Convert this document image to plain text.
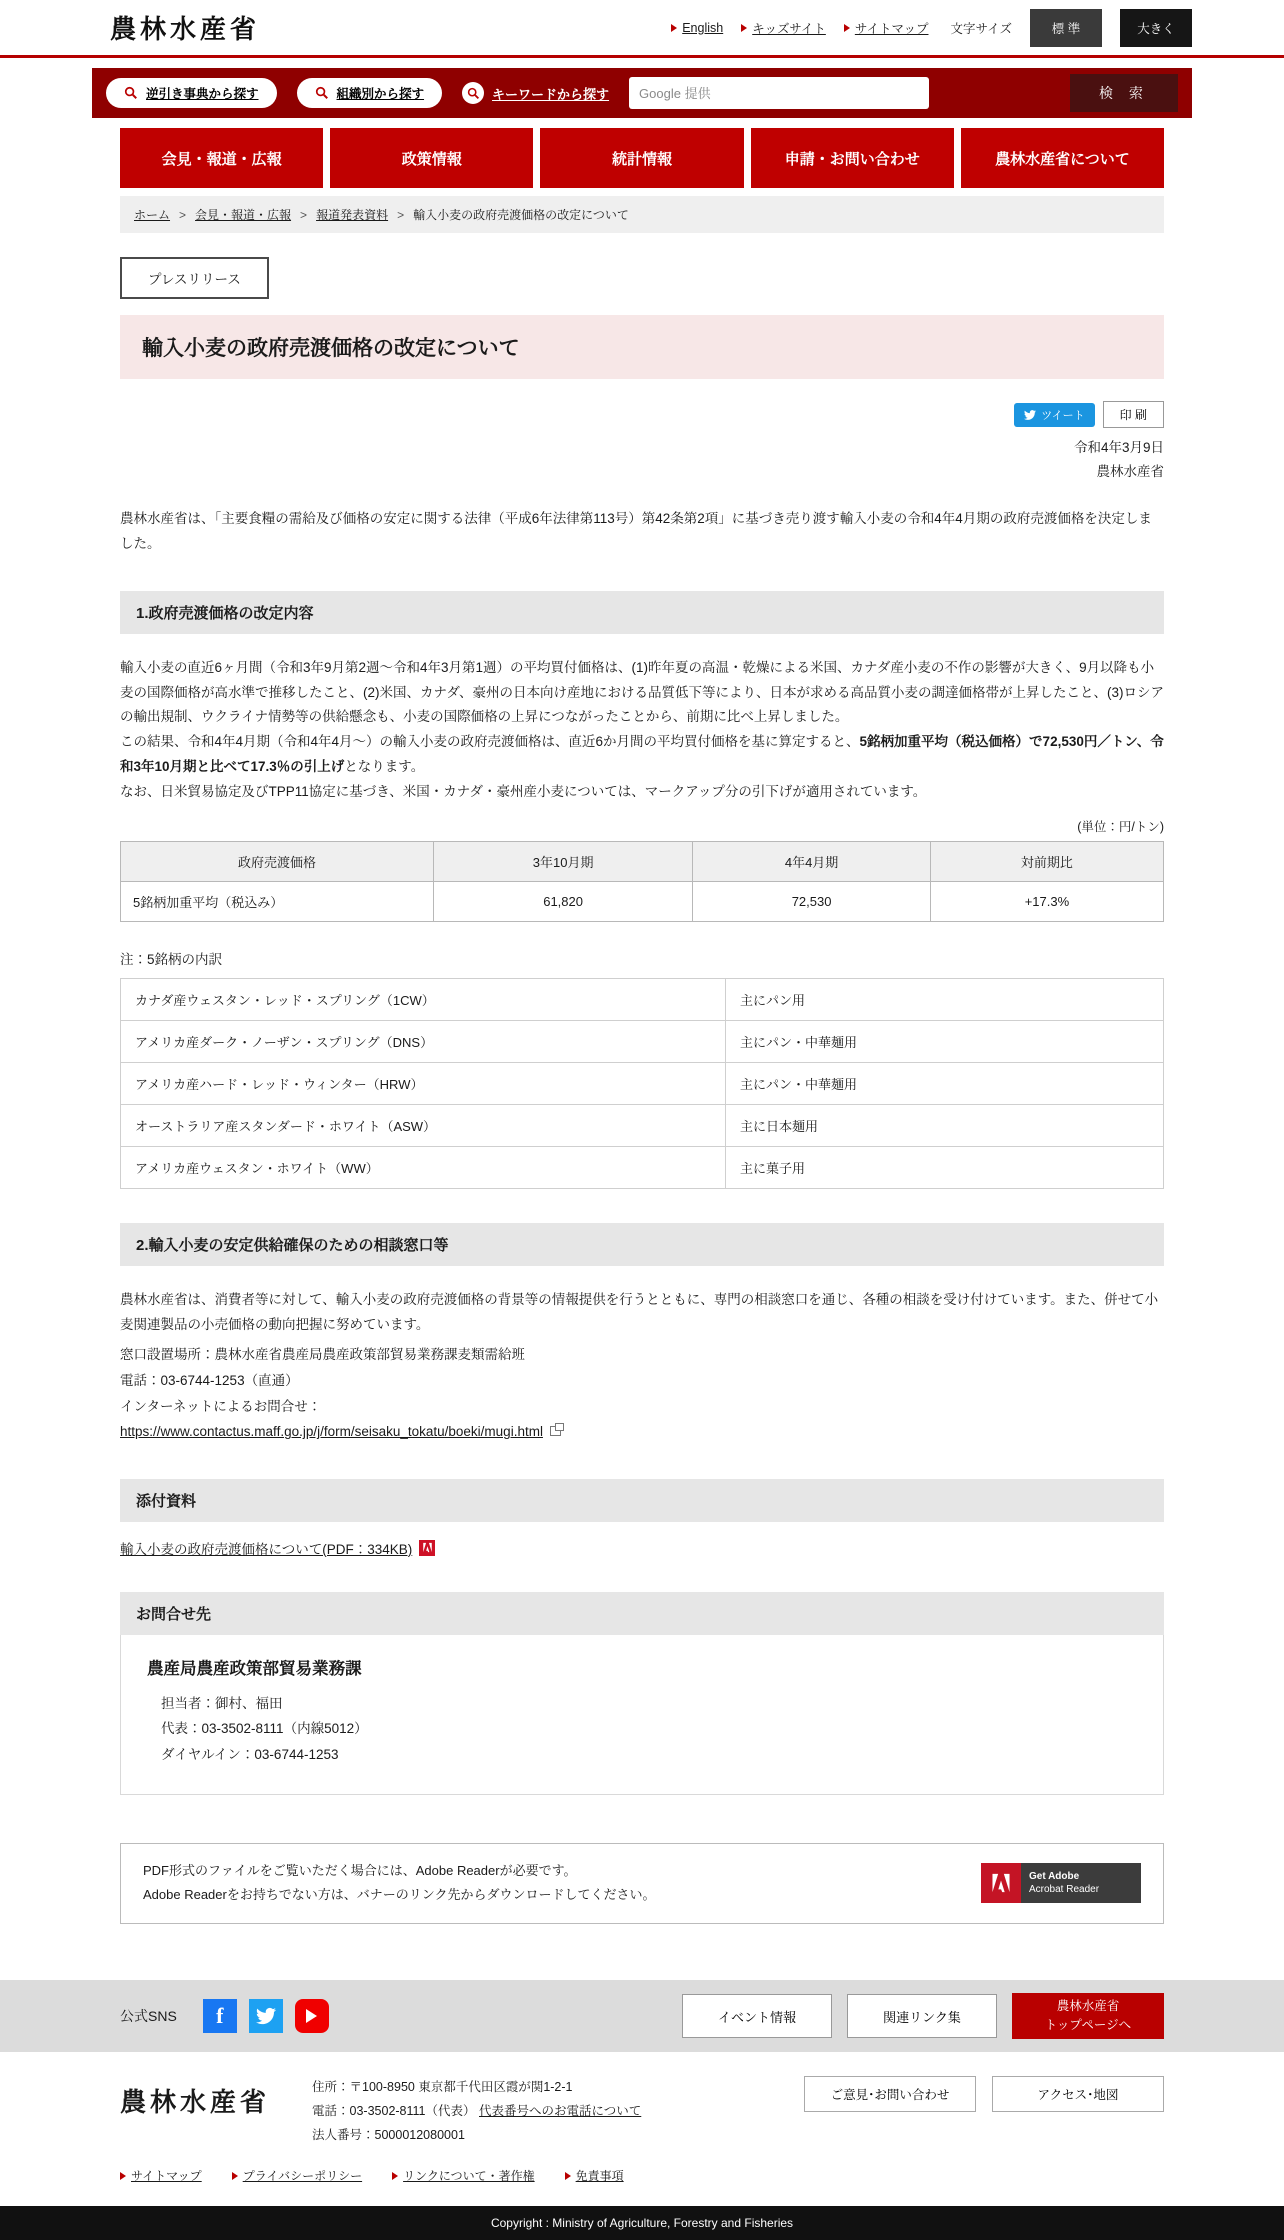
農林水産省	English キッズサイト サイトマップ 文字サイズ	標 準	大きく
逆引き事典から探す	組織別から探す	キーワードから探す
Google 提供	検 索
会見・報道・広報	政策情報	統計情報	申請・お問い合わせ	農林水産省について
ホーム > 会見・報道・広報 > 報道発表資料 > 輸入小麦の政府売渡価格の改定について
プレスリリース
輸入小麦の政府売渡価格の改定について
ツイート	印 刷
令和4年3月9日
農林水産省

農林水産省は、「主要食糧の需給及び価格の安定に関する法律（平成6年法律第113号）第42条第2項」に基づき売り渡す輸入小麦の令和4年4月期の政府売渡価格を決定しました。

1.政府売渡価格の改定内容

輸入小麦の直近6ヶ月間（令和3年9月第2週～令和4年3月第1週）の平均買付価格は、(1)昨年夏の高温・乾燥による米国、カナダ産小麦の不作の影響が大きく、9月以降も小麦の国際価格が高水準で推移したこと、(2)米国、カナダ、豪州の日本向け産地における品質低下等により、日本が求める高品質小麦の調達価格帯が上昇したこと、(3)ロシアの輸出規制、ウクライナ情勢等の供給懸念も、小麦の国際価格の上昇につながったことから、前期に比べ上昇しました。
この結果、令和4年4月期（令和4年4月～）の輸入小麦の政府売渡価格は、直近6か月間の平均買付価格を基に算定すると、5銘柄加重平均（税込価格）で72,530円／トン、令和3年10月期と比べて17.3％の引上げとなります。
なお、日米貿易協定及びTPP11協定に基づき、米国・カナダ・豪州産小麦については、マークアップ分の引下げが適用されています。

(単位：円/トン)
政府売渡価格	3年10月期	4年4月期	対前期比
5銘柄加重平均（税込み）	61,820	72,530	+17.3%

注：5銘柄の内訳

カナダ産ウェスタン・レッド・スプリング（1CW）	主にパン用
アメリカ産ダーク・ノーザン・スプリング（DNS）	主にパン・中華麺用
アメリカ産ハード・レッド・ウィンター（HRW）	主にパン・中華麺用
オーストラリア産スタンダード・ホワイト（ASW）	主に日本麺用
アメリカ産ウェスタン・ホワイト（WW）	主に菓子用
2.輸入小麦の安定供給確保のための相談窓口等

農林水産省は、消費者等に対して、輸入小麦の政府売渡価格の背景等の情報提供を行うとともに、専門の相談窓口を通じ、各種の相談を受け付けています。また、併せて小麦関連製品の小売価格の動向把握に努めています。

窓口設置場所：農林水産省農産局農産政策部貿易業務課麦類需給班
電話：03-6744-1253（直通）
インターネットによるお問合せ：
https://www.contactus.maff.go.jp/j/form/seisaku_tokatu/boeki/mugi.html
添付資料
輸入小麦の政府売渡価格について(PDF：334KB)
お問合せ先
農産局農産政策部貿易業務課
担当者：御村、福田
代表：03-3502-8111（内線5012）
ダイヤルイン：03-6744-1253
PDF形式のファイルをご覧いただく場合には、Adobe Readerが必要です。
Adobe Readerをお持ちでない方は、バナーのリンク先からダウンロードしてください。
Get Adobe
Acrobat Reader
公式SNS	f	イベント情報	関連リンク集
農林水産省
トップページへ
農林水産省	住所：〒100-8950 東京都千代田区霞が関1-2-1
電話：03-3502-8111（代表） 代表番号へのお電話について
法人番号：5000012080001
ご意見･お問い合わせ	アクセス･地図
サイトマップ	プライバシーポリシー	リンクについて・著作権	免責事項
Copyright : Ministry of Agriculture, Forestry and Fisheries
